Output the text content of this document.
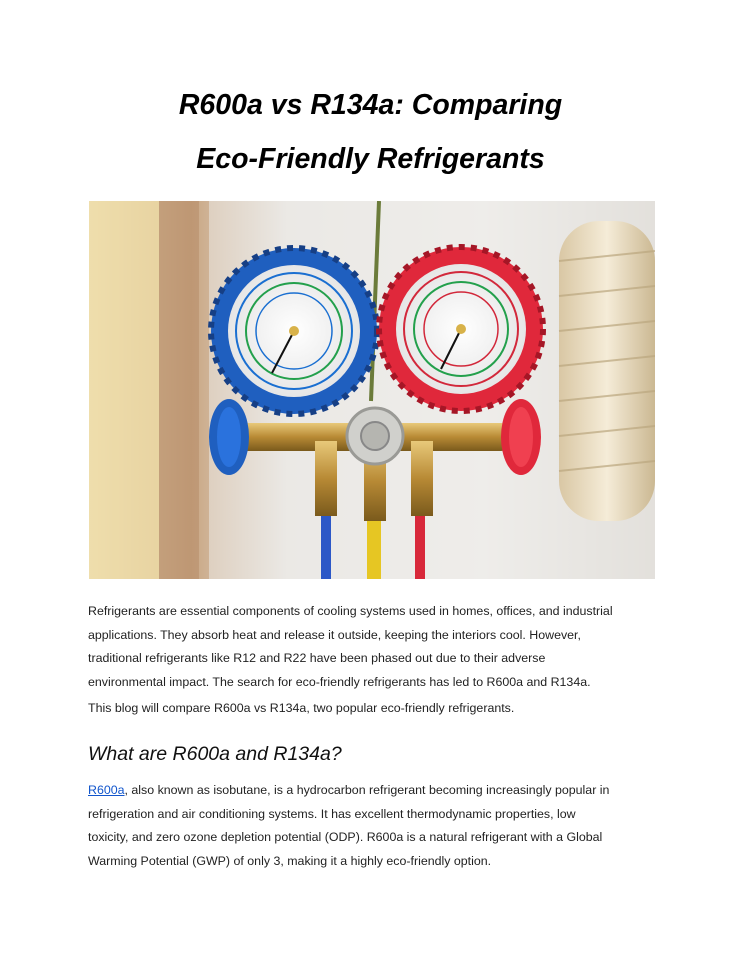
R600a vs R134a: Comparing
Eco-Friendly Refrigerants

Refrigerants are essential components of cooling systems used in homes, offices, and industrial

applications. They absorb heat and release it outside, keeping the interiors cool. However,

traditional refrigerants like R12 and R22 have been phased out due to their adverse

environmental impact. The search for eco-friendly refrigerants has led to R600a and R134a.

This blog will compare R600a vs R134a, two popular eco-friendly refrigerants.

What are R600a and R134a?

R600a, also known as isobutane, is a hydrocarbon refrigerant becoming increasingly popular in

refrigeration and air conditioning systems. It has excellent thermodynamic properties, low

toxicity, and zero ozone depletion potential (ODP). R600a is a natural refrigerant with a Global

Warming Potential (GWP) of only 3, making it a highly eco-friendly option.
